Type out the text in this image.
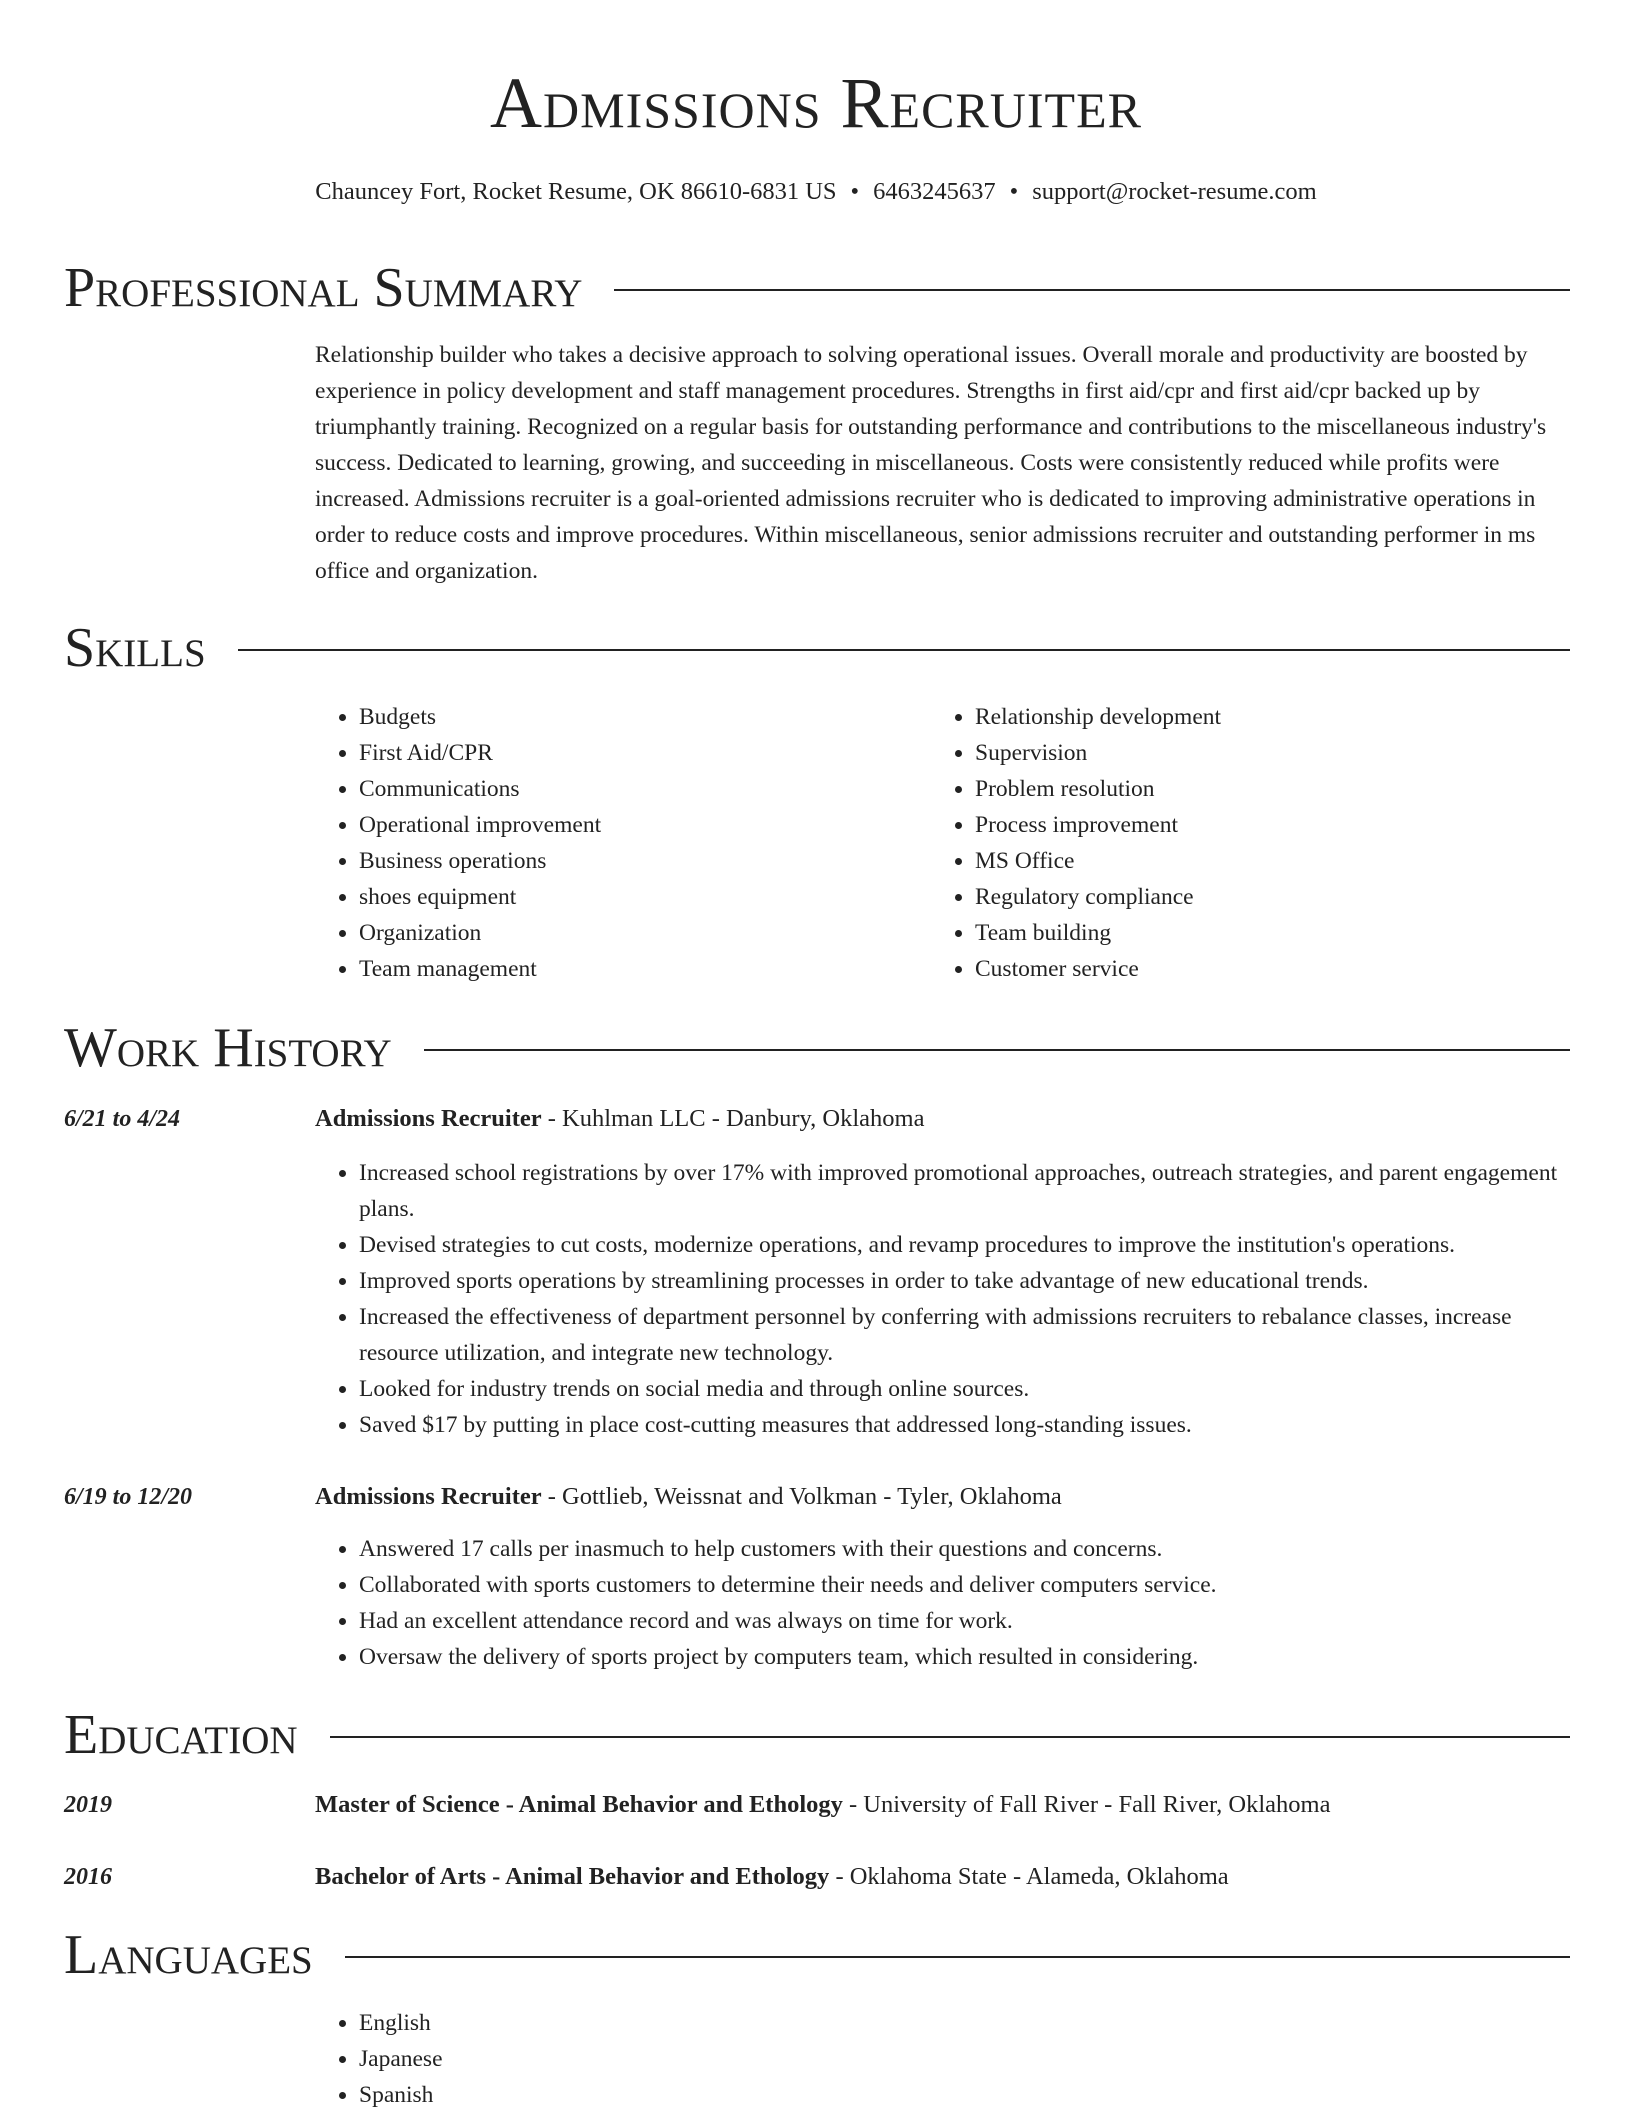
Admissions Recruiter
Chauncey Fort, Rocket Resume, OK 86610-6831 US • 6463245637 • support@rocket-resume.com
Professional Summary
Relationship builder who takes a decisive approach to solving operational issues. Overall morale and productivity are boosted by experience in policy development and staff management procedures. Strengths in first aid/cpr and first aid/cpr backed up by triumphantly training. Recognized on a regular basis for outstanding performance and contributions to the miscellaneous industry's success. Dedicated to learning, growing, and succeeding in miscellaneous. Costs were consistently reduced while profits were increased. Admissions recruiter is a goal-oriented admissions recruiter who is dedicated to improving administrative operations in order to reduce costs and improve procedures. Within miscellaneous, senior admissions recruiter and outstanding performer in ms office and organization.
Skills
• Budgets
• First Aid/CPR
• Communications
• Operational improvement
• Business operations
• shoes equipment
• Organization
• Team management
• Relationship development
• Supervision
• Problem resolution
• Process improvement
• MS Office
• Regulatory compliance
• Team building
• Customer service
Work History
6/21 to 4/24	Admissions Recruiter - Kuhlman LLC - Danbury, Oklahoma
• Increased school registrations by over 17% with improved promotional approaches, outreach strategies, and parent engagement plans.
• Devised strategies to cut costs, modernize operations, and revamp procedures to improve the institution's operations.
• Improved sports operations by streamlining processes in order to take advantage of new educational trends.
• Increased the effectiveness of department personnel by conferring with admissions recruiters to rebalance classes, increase resource utilization, and integrate new technology.
• Looked for industry trends on social media and through online sources.
• Saved $17 by putting in place cost-cutting measures that addressed long-standing issues.
6/19 to 12/20	Admissions Recruiter - Gottlieb, Weissnat and Volkman - Tyler, Oklahoma
• Answered 17 calls per inasmuch to help customers with their questions and concerns.
• Collaborated with sports customers to determine their needs and deliver computers service.
• Had an excellent attendance record and was always on time for work.
• Oversaw the delivery of sports project by computers team, which resulted in considering.
Education
2019	Master of Science - Animal Behavior and Ethology - University of Fall River - Fall River, Oklahoma
2016	Bachelor of Arts - Animal Behavior and Ethology - Oklahoma State - Alameda, Oklahoma
Languages
• English
• Japanese
• Spanish
